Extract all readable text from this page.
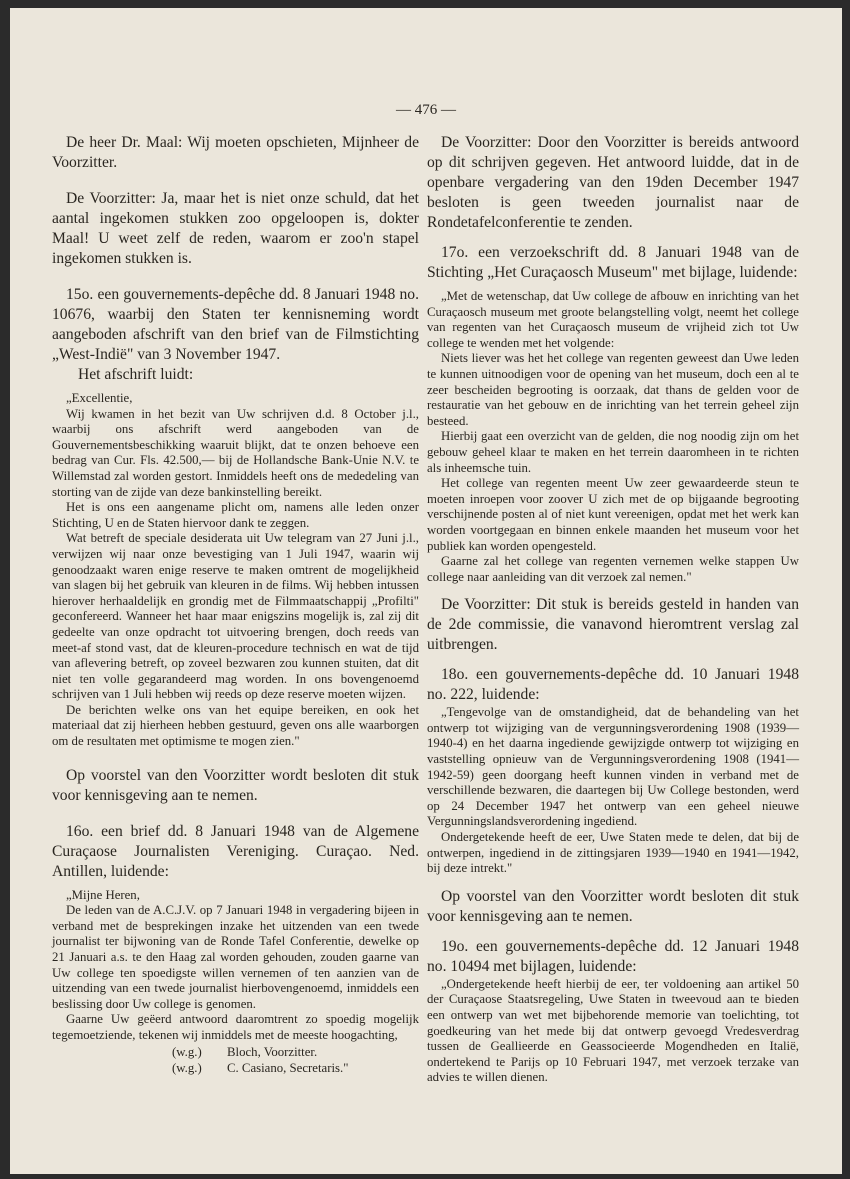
— 476 —

De heer Dr. Maal: Wij moeten opschieten, Mijnheer de Voorzitter.

De Voorzitter: Ja, maar het is niet onze schuld, dat het aantal ingekomen stukken zoo opgeloopen is, dokter Maal! U weet zelf de reden, waarom er zoo'n stapel ingekomen stukken is.

15o. een gouvernements-depêche dd. 8 Januari 1948 no. 10676, waarbij den Staten ter kennisneming wordt aangeboden afschrift van den brief van de Filmstichting „West-Indië" van 3 November 1947.

Het afschrift luidt:

„Excellentie,

Wij kwamen in het bezit van Uw schrijven d.d. 8 October j.l., waarbij ons afschrift werd aangeboden van de Gouvernementsbeschikking waaruit blijkt, dat te onzen behoeve een bedrag van Cur. Fls. 42.500,— bij de Hollandsche Bank-Unie N.V. te Willemstad zal worden gestort. Inmiddels heeft ons de mededeling van storting van de zijde van deze bankinstelling bereikt.

Het is ons een aangename plicht om, namens alle leden onzer Stichting, U en de Staten hiervoor dank te zeggen.

Wat betreft de speciale desiderata uit Uw telegram van 27 Juni j.l., verwijzen wij naar onze bevestiging van 1 Juli 1947, waarin wij genoodzaakt waren enige reserve te maken omtrent de mogelijkheid van slagen bij het gebruik van kleuren in de films. Wij hebben intussen hierover herhaaldelijk en grondig met de Filmmaatschappij „Profilti" geconfereerd. Wanneer het haar maar enigszins mogelijk is, zal zij dit gedeelte van onze opdracht tot uitvoering brengen, doch reeds van meet-af stond vast, dat de kleuren-procedure technisch en wat de tijd van aflevering betreft, op zoveel bezwaren zou kunnen stuiten, dat dit niet ten volle gegarandeerd mag worden. In ons bovengenoemd schrijven van 1 Juli hebben wij reeds op deze reserve moeten wijzen.

De berichten welke ons van het equipe bereiken, en ook het materiaal dat zij hierheen hebben gestuurd, geven ons alle waarborgen om de resultaten met optimisme te mogen zien."

Op voorstel van den Voorzitter wordt besloten dit stuk voor kennisgeving aan te nemen.

16o. een brief dd. 8 Januari 1948 van de Algemene Curaçaose Journalisten Vereniging. Curaçao. Ned. Antillen, luidende:

„Mijne Heren,

De leden van de A.C.J.V. op 7 Januari 1948 in vergadering bijeen in verband met de besprekingen inzake het uitzenden van een twede journalist ter bijwoning van de Ronde Tafel Conferentie, dewelke op 21 Januari a.s. te den Haag zal worden gehouden, zouden gaarne van Uw college ten spoedigste willen vernemen of ten aanzien van de uitzending van een twede journalist hierbovengenoemd, inmiddels een beslissing door Uw college is genomen.

Gaarne Uw geëerd antwoord daaromtrent zo spoedig mogelijk tegemoetziende, tekenen wij inmiddels met de meeste hoogachting,

(w.g.)	Bloch, Voorzitter.
(w.g.)	C. Casiano, Secretaris."

De Voorzitter: Door den Voorzitter is bereids antwoord op dit schrijven gegeven. Het antwoord luidde, dat in de openbare vergadering van den 19den December 1947 besloten is geen tweeden journalist naar de Rondetafelconferentie te zenden.

17o. een verzoekschrift dd. 8 Januari 1948 van de Stichting „Het Curaçaosch Museum" met bijlage, luidende:

„Met de wetenschap, dat Uw college de afbouw en inrichting van het Curaçaosch museum met groote belangstelling volgt, neemt het college van regenten van het Curaçaosch museum de vrijheid zich tot Uw college te wenden met het volgende:

Niets liever was het het college van regenten geweest dan Uwe leden te kunnen uitnoodigen voor de opening van het museum, doch een al te zeer bescheiden begrooting is oorzaak, dat thans de gelden voor de restauratie van het gebouw en de inrichting van het terrein geheel zijn besteed.

Hierbij gaat een overzicht van de gelden, die nog noodig zijn om het gebouw geheel klaar te maken en het terrein daaromheen in te richten als inheemsche tuin.

Het college van regenten meent Uw zeer gewaardeerde steun te moeten inroepen voor zoover U zich met de op bijgaande begrooting verschijnende posten al of niet kunt vereenigen, opdat met het werk kan worden voortgegaan en binnen enkele maanden het museum voor het publiek kan worden opengesteld.

Gaarne zal het college van regenten vernemen welke stappen Uw college naar aanleiding van dit verzoek zal nemen."

De Voorzitter: Dit stuk is bereids gesteld in handen van de 2de commissie, die vanavond hieromtrent verslag zal uitbrengen.

18o. een gouvernements-depêche dd. 10 Januari 1948 no. 222, luidende:

„Tengevolge van de omstandigheid, dat de behandeling van het ontwerp tot wijziging van de vergunningsverordening 1908 (1939—1940-4) en het daarna ingediende gewijzigde ontwerp tot wijziging en vaststelling opnieuw van de Vergunningsverordening 1908 (1941—1942-59) geen doorgang heeft kunnen vinden in verband met de verschillende bezwaren, die daartegen bij Uw College bestonden, werd op 24 December 1947 het ontwerp van een geheel nieuwe Vergunningslandsverordening ingediend.

Ondergetekende heeft de eer, Uwe Staten mede te delen, dat bij de ontwerpen, ingediend in de zittingsjaren 1939—1940 en 1941—1942, bij deze intrekt."

Op voorstel van den Voorzitter wordt besloten dit stuk voor kennisgeving aan te nemen.

19o. een gouvernements-depêche dd. 12 Januari 1948 no. 10494 met bijlagen, luidende:

„Ondergetekende heeft hierbij de eer, ter voldoening aan artikel 50 der Curaçaose Staatsregeling, Uwe Staten in tweevoud aan te bieden een ontwerp van wet met bijbehorende memorie van toelichting, tot goedkeuring van het mede bij dat ontwerp gevoegd Vredesverdrag tussen de Geallieerde en Geassocieerde Mogendheden en Italië, ondertekend te Parijs op 10 Februari 1947, met verzoek terzake van advies te willen dienen.
